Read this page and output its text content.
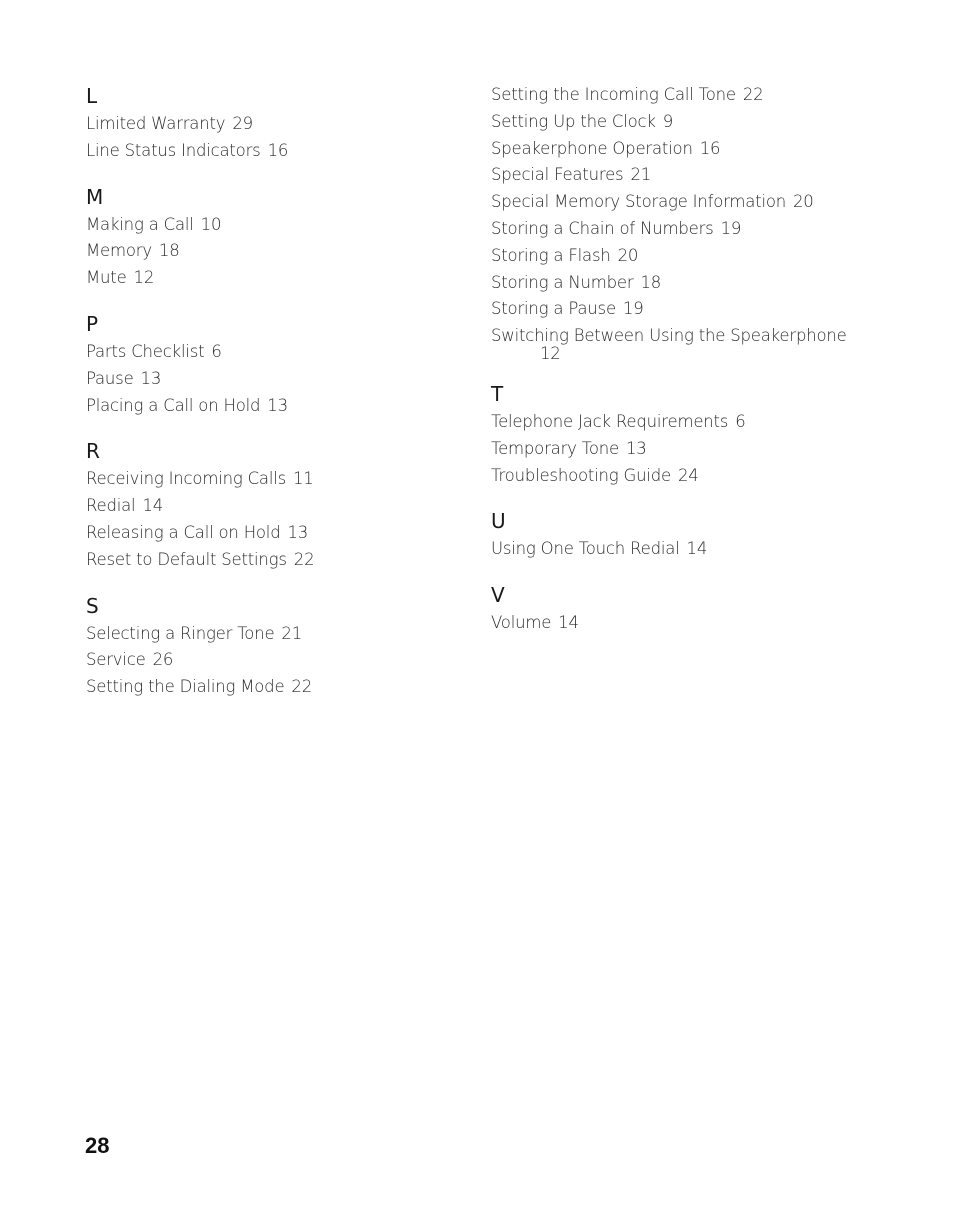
L
Limited Warranty 29
Line Status Indicators 16
M
Making a Call 10
Memory 18
Mute 12
P
Parts Checklist 6
Pause 13
Placing a Call on Hold 13
R
Receiving Incoming Calls 11
Redial 14
Releasing a Call on Hold 13
Reset to Default Settings 22
S
Selecting a Ringer Tone 21
Service 26
Setting the Dialing Mode 22
Setting the Incoming Call Tone 22
Setting Up the Clock 9
Speakerphone Operation 16
Special Features 21
Special Memory Storage Information 20
Storing a Chain of Numbers 19
Storing a Flash 20
Storing a Number 18
Storing a Pause 19
Switching Between Using the Speakerphone
12
T
Telephone Jack Requirements 6
Temporary Tone 13
Troubleshooting Guide 24
U
Using One Touch Redial 14
V
Volume 14
28
